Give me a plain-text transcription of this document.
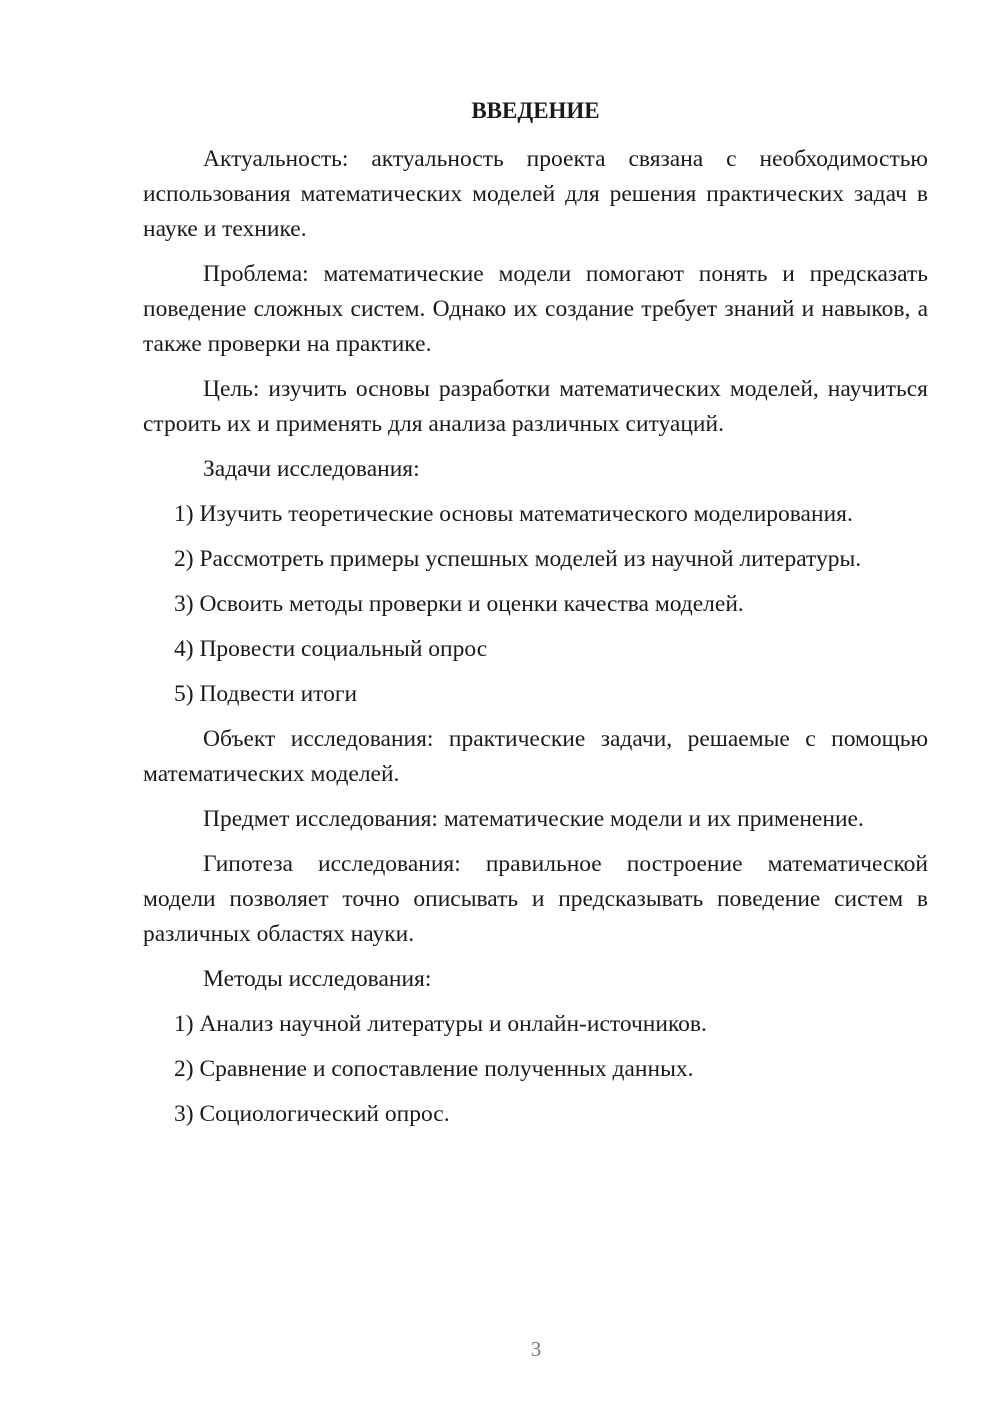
ВВЕДЕНИЕ

Актуальность: актуальность проекта связана с необходимостью использования математических моделей для решения практических задач в науке и технике.

Проблема: математические модели помогают понять и предсказать поведение сложных систем. Однако их создание требует знаний и навыков, а также проверки на практике.

Цель: изучить основы разработки математических моделей, научиться строить их и применять для анализа различных ситуаций.

Задачи исследования:

1) Изучить теоретические основы математического моделирования.

2) Рассмотреть примеры успешных моделей из научной литературы.

3) Освоить методы проверки и оценки качества моделей.

4) Провести социальный опрос

5) Подвести итоги

Объект исследования: практические задачи, решаемые с помощью математических моделей.

Предмет исследования: математические модели и их применение.

Гипотеза исследования: правильное построение математической модели позволяет точно описывать и предсказывать поведение систем в различных областях науки.

Методы исследования:

1) Анализ научной литературы и онлайн-источников.

2) Сравнение и сопоставление полученных данных.

3) Социологический опрос.

3
